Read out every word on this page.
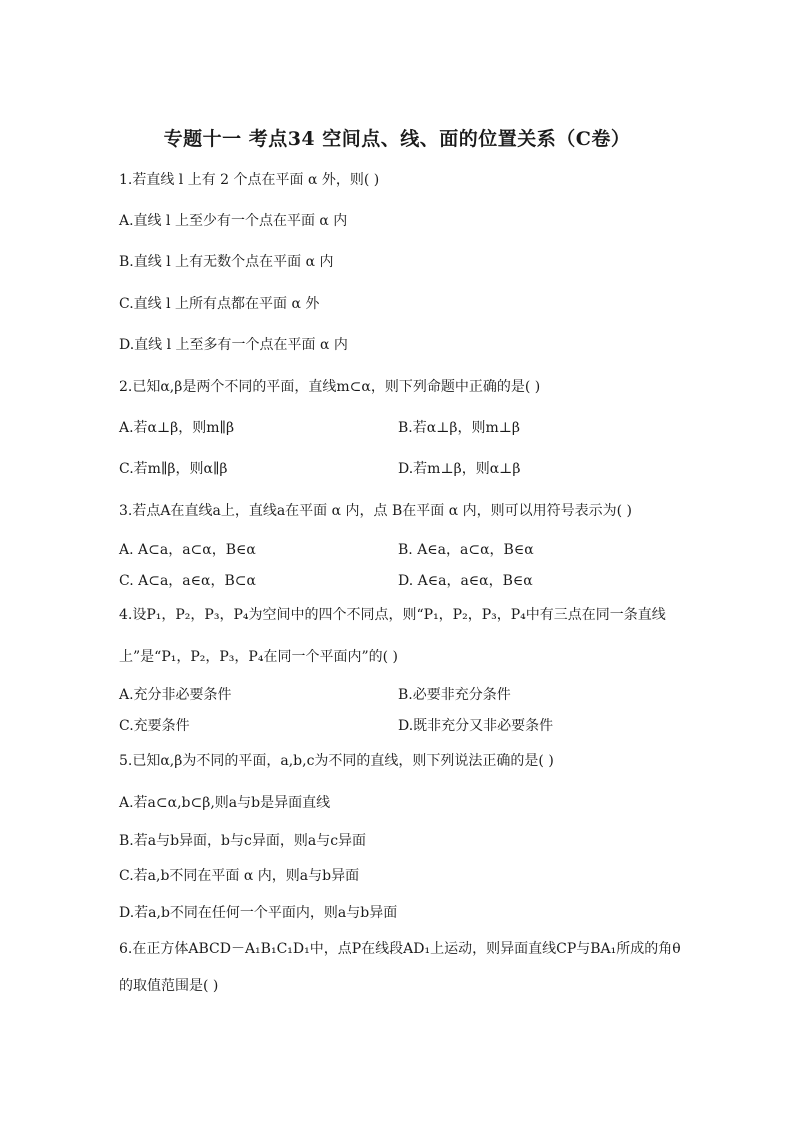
专题十一 考点34 空间点、线、面的位置关系（C卷）
1.若直线 l 上有 2 个点在平面 α 外，则( )
A.直线 l 上至少有一个点在平面 α 内
B.直线 l 上有无数个点在平面 α 内
C.直线 l 上所有点都在平面 α 外
D.直线 l 上至多有一个点在平面 α 内
2.已知α,β是两个不同的平面，直线m⊂α，则下列命题中正确的是( )
A.若α⊥β，则m∥β	B.若α⊥β，则m⊥β
C.若m∥β，则α∥β	D.若m⊥β，则α⊥β
3.若点A在直线a上，直线a在平面 α 内，点 B在平面 α 内，则可以用符号表示为( )
A. A⊂a，a⊂α，B∈α	B. A∈a，a⊂α，B∈α
C. A⊂a，a∈α，B⊂α	D. A∈a，a∈α，B∈α
4.设P₁，P₂，P₃，P₄为空间中的四个不同点，则“P₁，P₂，P₃，P₄中有三点在同一条直线
上”是“P₁，P₂，P₃，P₄在同一个平面内”的( )
A.充分非必要条件	B.必要非充分条件
C.充要条件	D.既非充分又非必要条件
5.已知α,β为不同的平面，a,b,c为不同的直线，则下列说法正确的是( )
A.若a⊂α,b⊂β,则a与b是异面直线
B.若a与b异面，b与c异面，则a与c异面
C.若a,b不同在平面 α 内，则a与b异面
D.若a,b不同在任何一个平面内，则a与b异面
6.在正方体ABCD－A₁B₁C₁D₁中，点P在线段AD₁上运动，则异面直线CP与BA₁所成的角θ
的取值范围是( )
